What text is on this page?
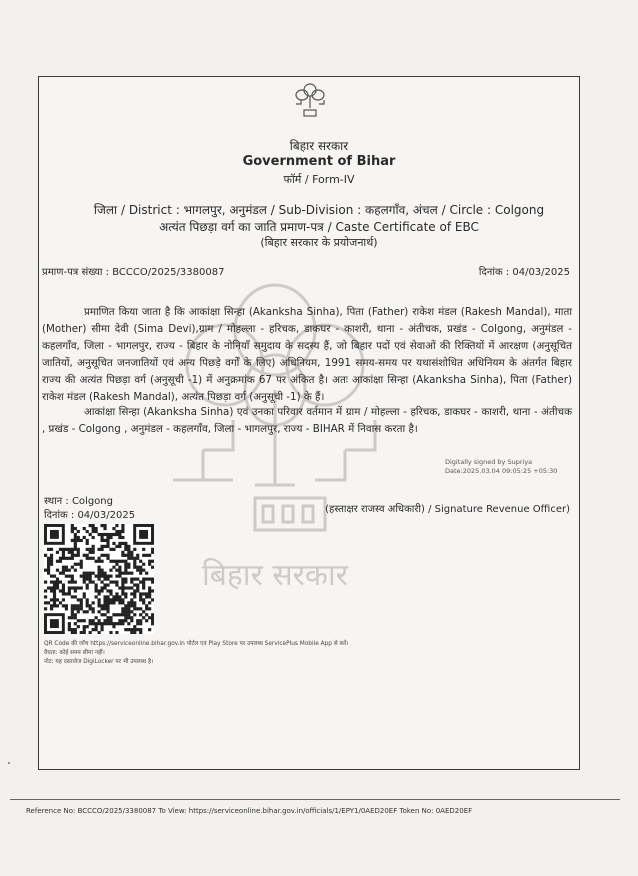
बिहार सरकार
बिहार सरकार
Government of Bihar
फॉर्म / Form-IV
जिला / District : भागलपुर, अनुमंडल / Sub-Division : कहलगाँव, अंचल / Circle : Colgong
अत्यंत पिछड़ा वर्ग का जाति प्रमाण-पत्र / Caste Certificate of EBC
(बिहार सरकार के प्रयोजनार्थ)
प्रमाण-पत्र संख्या : BCCCO/2025/3380087	दिनांक : 04/03/2025
प्रमाणित किया जाता है कि आकांक्षा सिन्हा (Akanksha Sinha), पिता (Father) राकेश मंडल (Rakesh Mandal), माता (Mother) सीमा देवी (Sima Devi),ग्राम / मोहल्ला - हरिचक, डाकघर - काशरी, थाना - अंतीचक, प्रखंड - Colgong, अनुमंडल - कहलगाँव, जिला - भागलपुर, राज्य - बिहार के नोनियाँ समुदाय के सदस्य हैं, जो बिहार पदों एवं सेवाओं की रिक्तियों में आरक्षण (अनुसूचित जातियों, अनुसूचित जनजातियों एवं अन्य पिछड़े वर्गों के लिए) अधिनियम, 1991 समय-समय पर यथासंशोधित अधिनियम के अंतर्गत बिहार राज्य की अत्यंत पिछड़ा वर्ग (अनुसूची -1) में अनुक्रमांक 67 पर अंकित है। अतः आकांक्षा सिन्हा (Akanksha Sinha), पिता (Father) राकेश मंडल (Rakesh Mandal), अत्यंत पिछड़ा वर्ग (अनुसूची -1) के हैं।
आकांक्षा सिन्हा (Akanksha Sinha) एवं उनका परिवार वर्तमान में ग्राम / मोहल्ला - हरिचक, डाकघर - काशरी, थाना - अंतीचक , प्रखंड - Colgong , अनुमंडल - कहलगाँव, जिला - भागलपुर, राज्य - BIHAR में निवास करता है।
Digitally signed by Supriya
Date:2025.03.04 09:05:25 +05:30
स्थान : Colgong
दिनांक : 04/03/2025
(हस्ताक्षर राजस्व अधिकारी) / Signature Revenue Officer)
QR Code की जाँच https://serviceonline.bihar.gov.in पोर्टल एवं Play Store पर उपलब्ध ServicePlus Mobile App से करें।
वैधता: कोई समय सीमा नहीं।
नोट: यह दस्तावेज DigiLocker पर भी उपलब्ध है।
Reference No: BCCCO/2025/3380087 To View: https://serviceonline.bihar.gov.in/officials/1/EPY1/0AED20EF Token No: 0AED20EF
